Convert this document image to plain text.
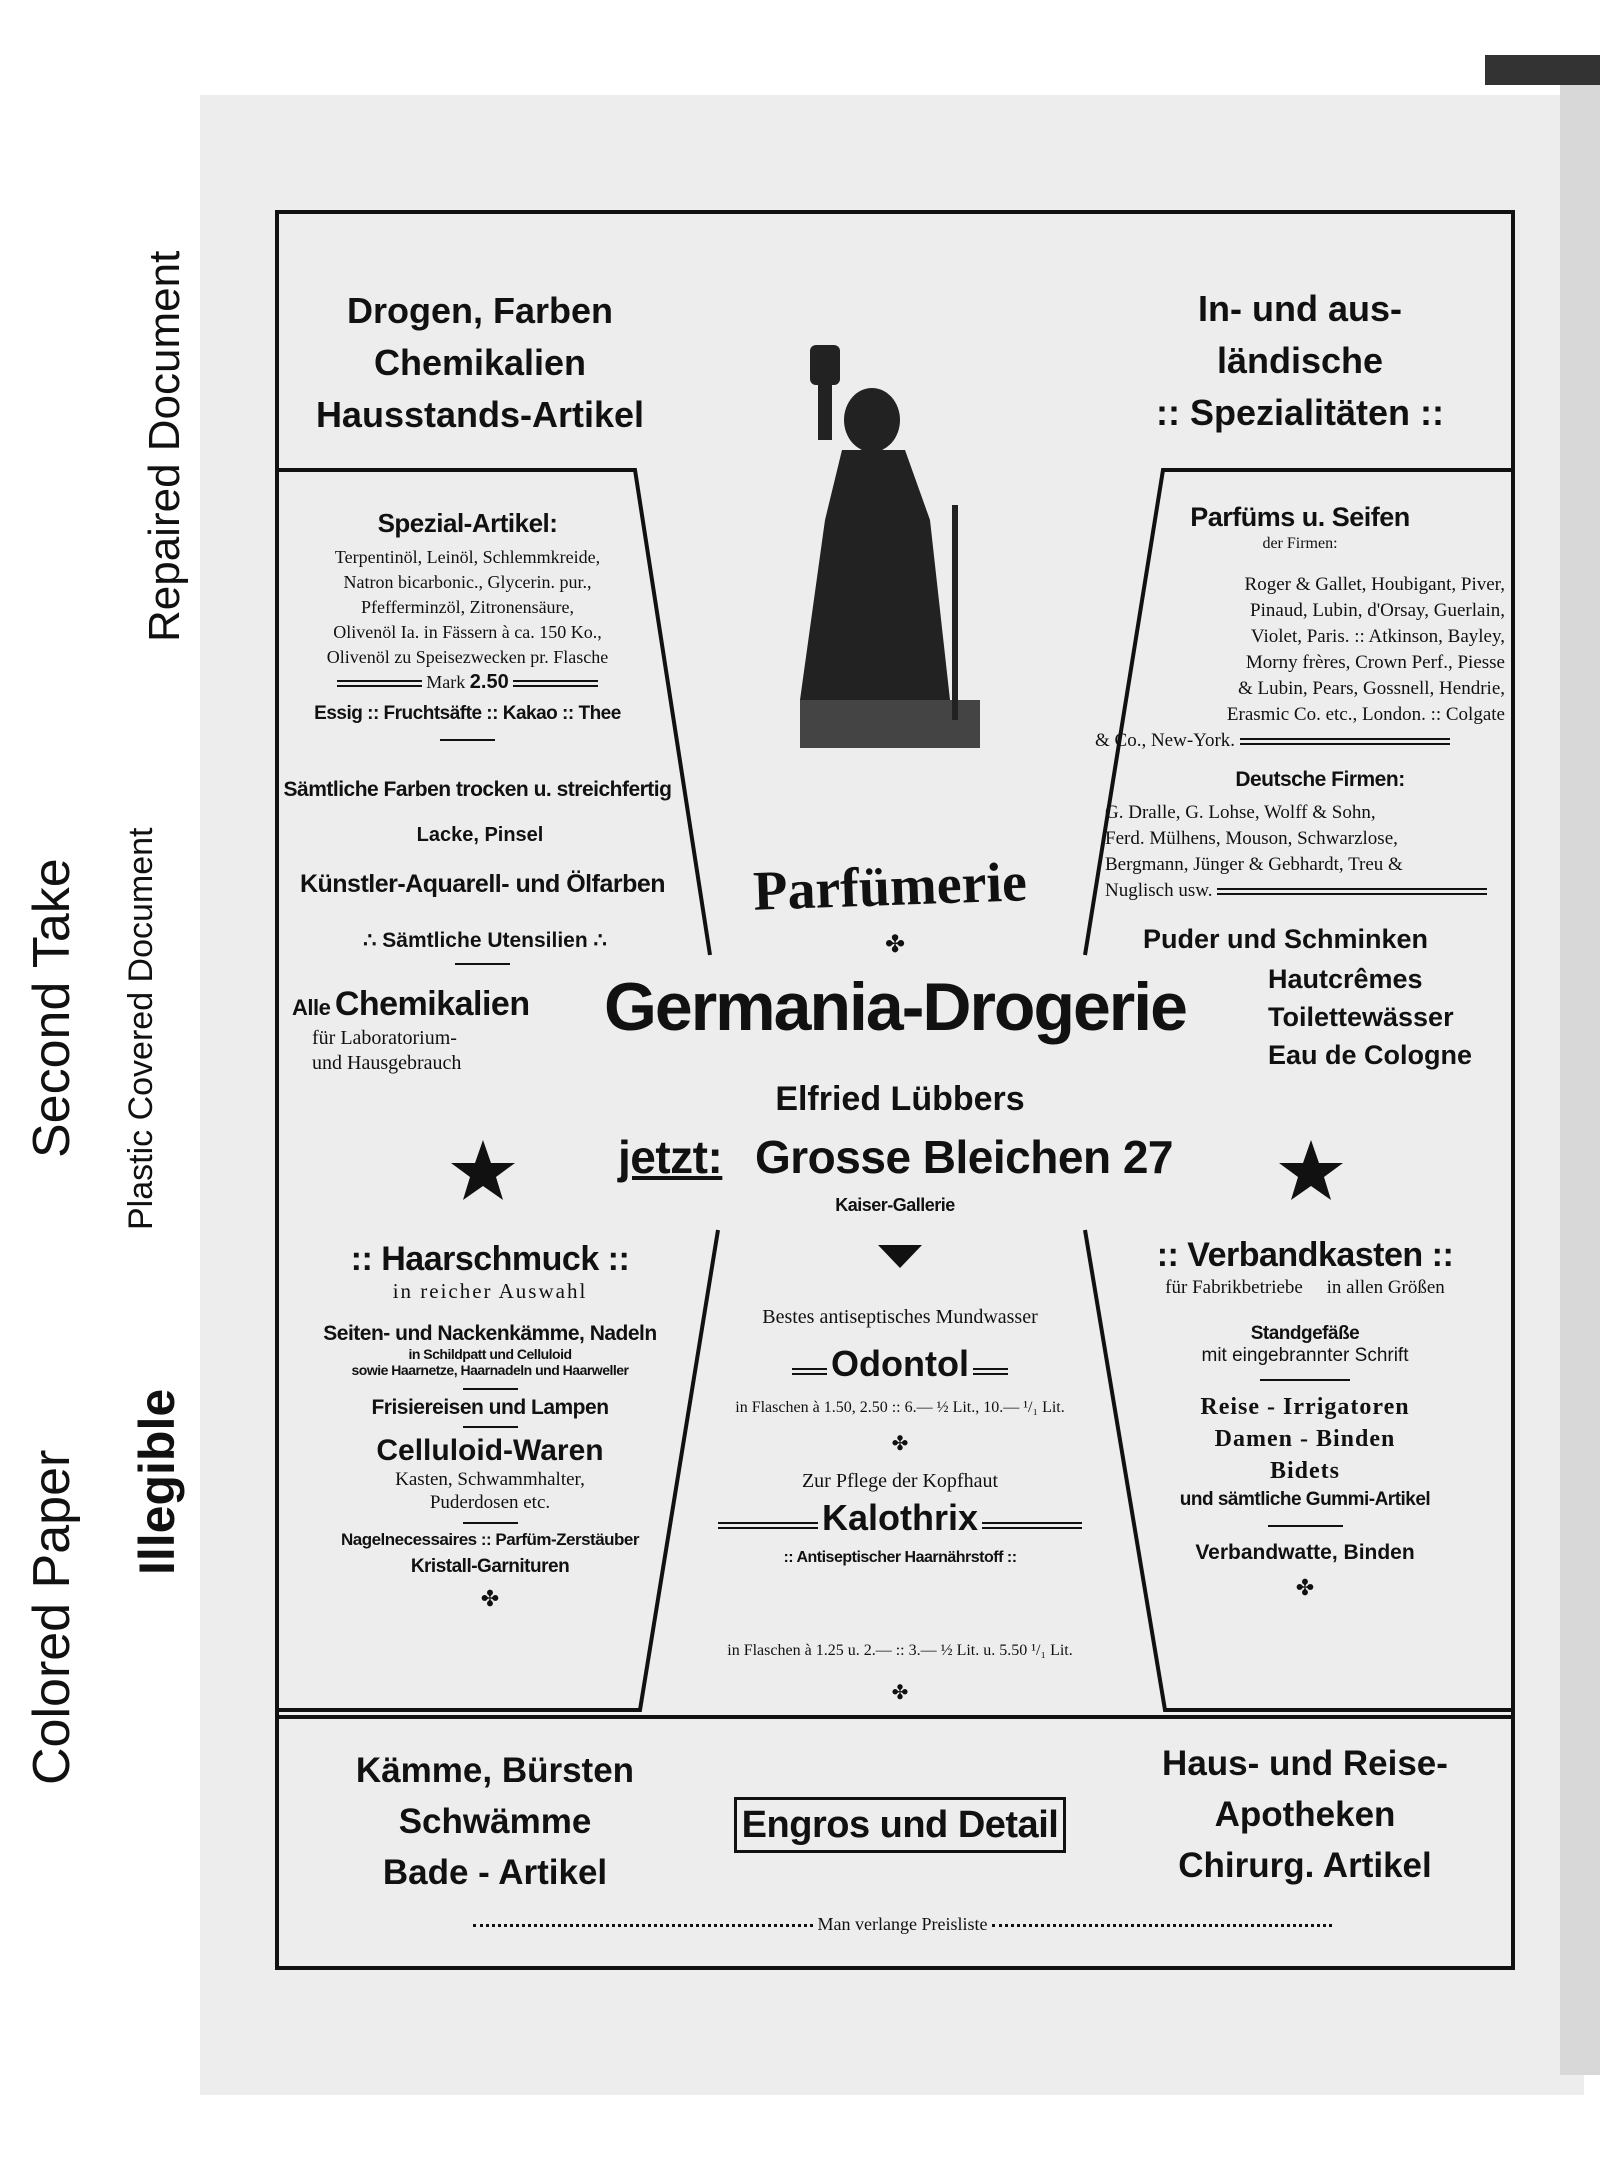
Colored Paper
Second Take
Illegible
Plastic Covered Document
Repaired Document	Drogen, Farben
Chemikalien
Hausstands-Artikel
In- und aus-
ländische
:: Spezialitäten ::
Spezial-Artikel:
Terpentinöl, Leinöl, Schlemmkreide,
Natron bicarbonic., Glycerin. pur.,
Pfefferminzöl, Zitronensäure,
Olivenöl Ia. in Fässern à ca. 150 Ko.,
Olivenöl zu Speisezwecken pr. Flasche
Mark 2.50
Essig :: Fruchtsäfte :: Kakao :: Thee
Sämtliche Farben trocken u. streichfertig
Lacke, Pinsel
Künstler-Aquarell- und Ölfarben
∴ Sämtliche Utensilien ∴
Parfüms u. Seifen
der Firmen:
Roger & Gallet, Houbigant, Piver,
Pinaud, Lubin, d'Orsay, Guerlain,
Violet, Paris. :: Atkinson, Bayley,
Morny frères, Crown Perf., Piesse
& Lubin, Pears, Gossnell, Hendrie,
Erasmic Co. etc., London. :: Colgate
& Co., New-York.
Deutsche Firmen:
G. Dralle, G. Lohse, Wolff & Sohn,
Ferd. Mülhens, Mouson, Schwarzlose,
Bergmann, Jünger & Gebhardt, Treu &
Nuglisch usw.
Parfümerie
✤
Germania-Drogerie
Elfried Lübbers
jetzt: Grosse Bleichen 27
Kaiser-Gallerie
Alle Chemikalien
für Laboratorium-
und Hausgebrauch
Puder und Schminken
Hautcrêmes
Toilettewässer
Eau de Cologne
:: Haarschmuck ::
in reicher Auswahl
Seiten- und Nackenkämme, Nadeln
in Schildpatt und Celluloid
sowie Haarnetze, Haarnadeln und Haarweller
Frisiereisen und Lampen
Celluloid-Waren
Kasten, Schwammhalter,
Puderdosen etc.
Nagelnecessaires :: Parfüm-Zerstäuber
Kristall-Garnituren
✤
Bestes antiseptisches Mundwasser
Odontol
in Flaschen à 1.50, 2.50 :: 6.— ½ Lit., 10.— ¹/₁ Lit.
✤
Zur Pflege der Kopfhaut
Kalothrix
:: Antiseptischer Haarnährstoff ::
in Flaschen à 1.25 u. 2.— :: 3.— ½ Lit. u. 5.50 ¹/₁ Lit.
✤
:: Verbandkasten ::
für Fabrikbetriebe in allen Größen
Standgefäße
mit eingebrannter Schrift
Reise - Irrigatoren
Damen - Binden
Bidets
und sämtliche Gummi-Artikel
Verbandwatte, Binden
✤
Kämme, Bürsten
Schwämme
Bade - Artikel
Engros und Detail
Haus- und Reise-
Apotheken
Chirurg. Artikel
Man verlange Preisliste
